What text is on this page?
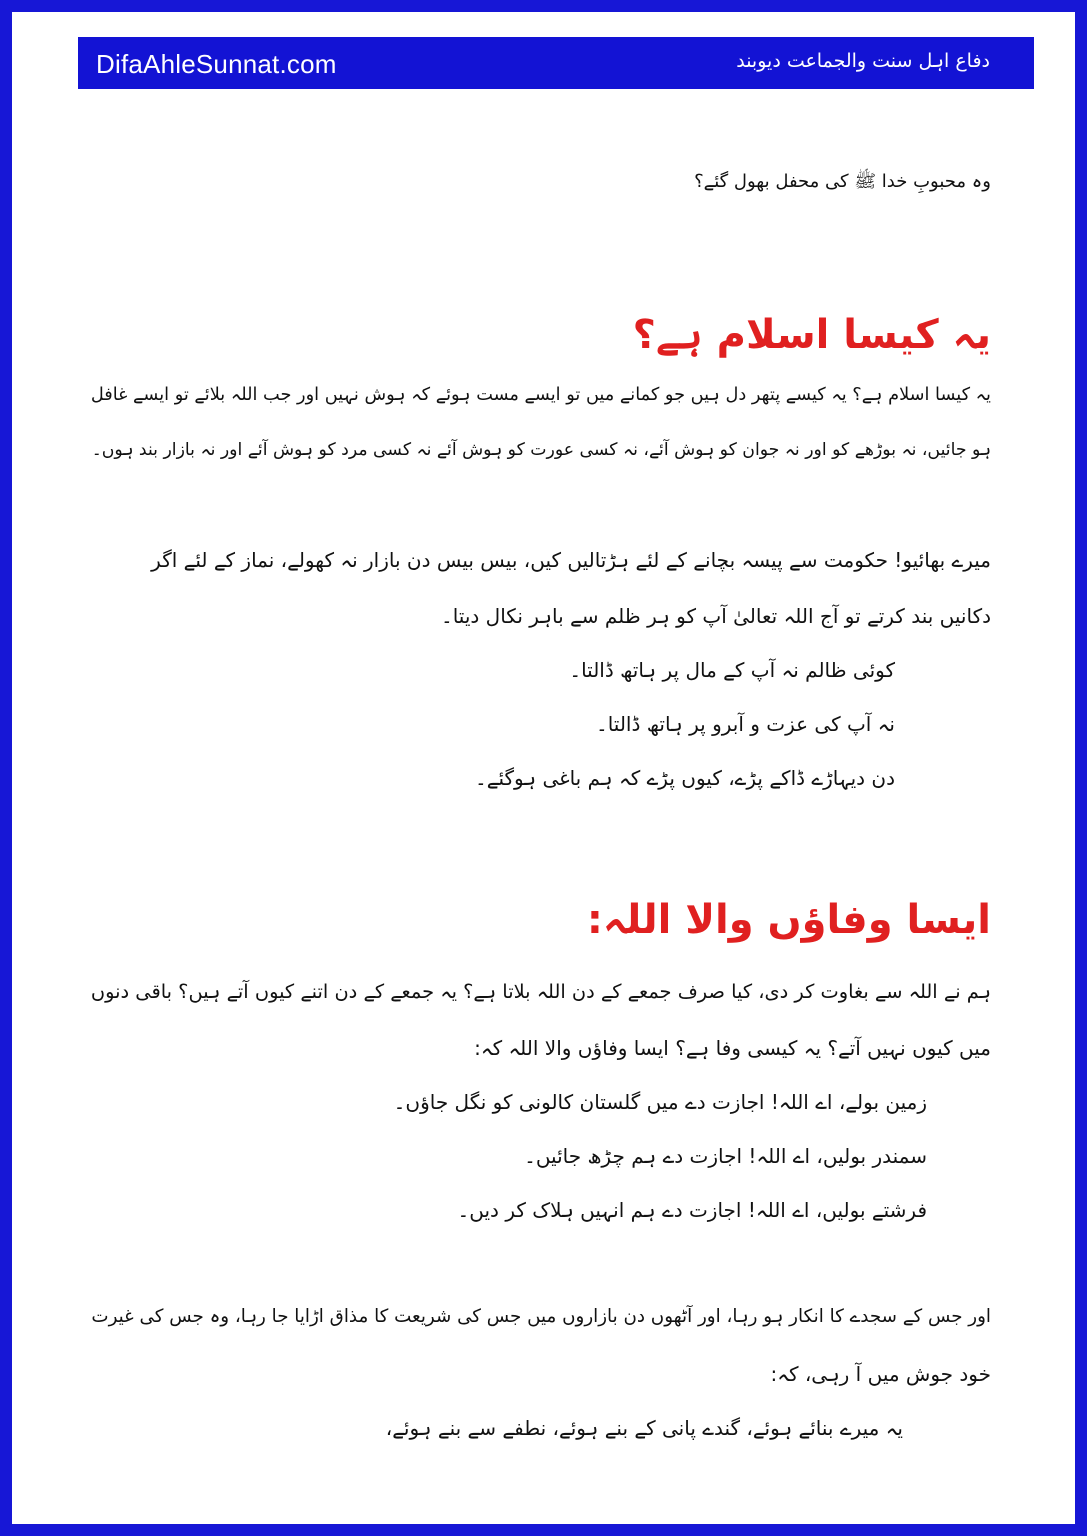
DifaAhleSunnat.com	دفاع اہل سنت والجماعت دیوبند
وہ محبوبِ خدا ﷺ کی محفل بھول گئے؟
یہ کیسا اسلام ہے؟
یہ کیسا اسلام ہے؟ یہ کیسے پتھر دل ہیں جو کمانے میں تو ایسے مست ہوئے کہ ہوش نہیں اور جب اللہ بلائے تو ایسے غافل
ہو جائیں، نہ بوڑھے کو اور نہ جوان کو ہوش آئے، نہ کسی عورت کو ہوش آئے نہ کسی مرد کو ہوش آئے اور نہ بازار بند ہوں۔
میرے بھائیو! حکومت سے پیسہ بچانے کے لئے ہڑتالیں کیں، بیس بیس دن بازار نہ کھولے، نماز کے لئے اگر
دکانیں بند کرتے تو آج اللہ تعالیٰ آپ کو ہر ظلم سے باہر نکال دیتا۔
کوئی ظالم نہ آپ کے مال پر ہاتھ ڈالتا۔
نہ آپ کی عزت و آبرو پر ہاتھ ڈالتا۔
دن دیہاڑے ڈاکے پڑے، کیوں پڑے کہ ہم باغی ہوگئے۔
ایسا وفاؤں والا اللہ:
ہم نے اللہ سے بغاوت کر دی، کیا صرف جمعے کے دن اللہ بلاتا ہے؟ یہ جمعے کے دن اتنے کیوں آتے ہیں؟ باقی دنوں
میں کیوں نہیں آتے؟ یہ کیسی وفا ہے؟ ایسا وفاؤں والا اللہ کہ:
زمین بولے، اے اللہ! اجازت دے میں گلستان کالونی کو نگل جاؤں۔
سمندر بولیں، اے اللہ! اجازت دے ہم چڑھ جائیں۔
فرشتے بولیں، اے اللہ! اجازت دے ہم انہیں ہلاک کر دیں۔
اور جس کے سجدے کا انکار ہو رہا، اور آٹھوں دن بازاروں میں جس کی شریعت کا مذاق اڑایا جا رہا، وہ جس کی غیرت
خود جوش میں آ رہی، کہ:
یہ میرے بنائے ہوئے، گندے پانی کے بنے ہوئے، نطفے سے بنے ہوئے،
